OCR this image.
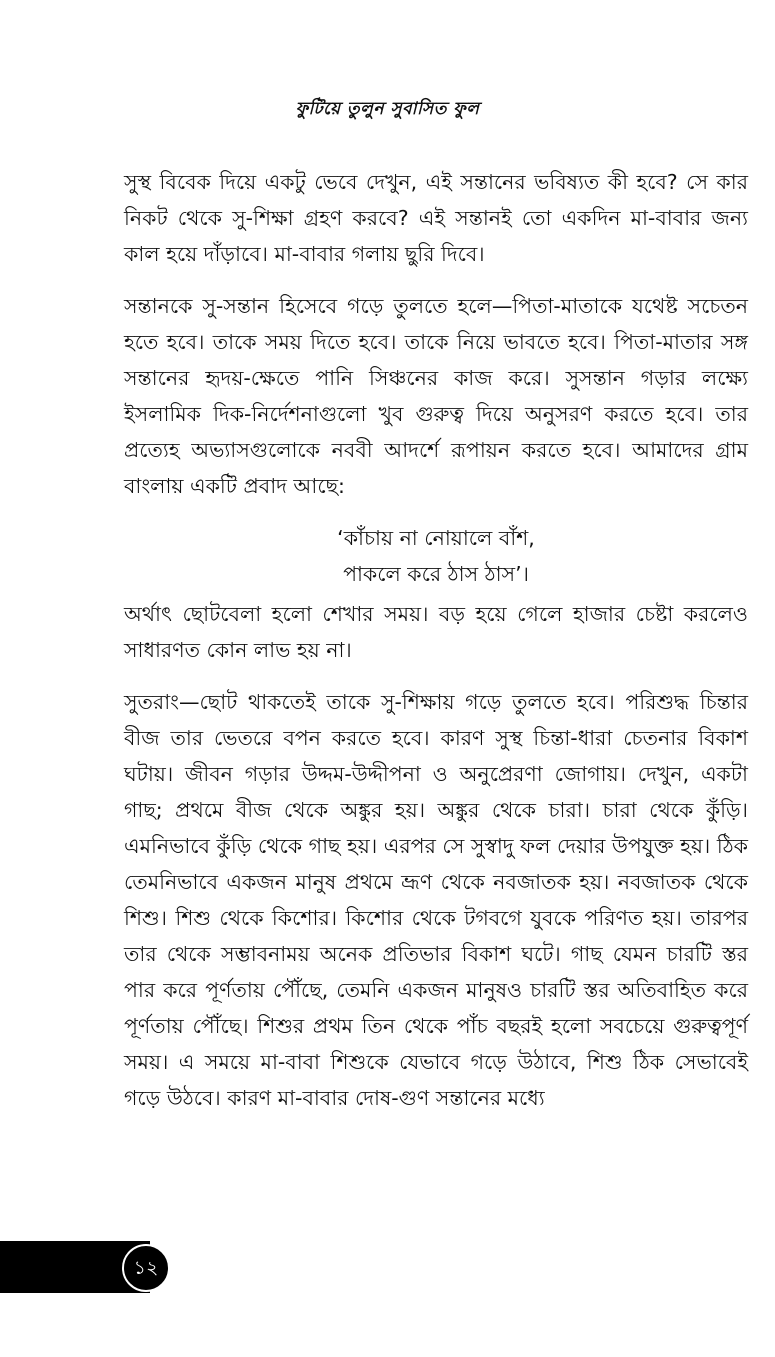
ফুটিয়ে তুলুন সুবাসিত ফুল

সুস্থ বিবেক দিয়ে একটু ভেবে দেখুন, এই সন্তানের ভবিষ্যত কী হবে? সে কার নিকট থেকে সু-শিক্ষা গ্রহণ করবে? এই সন্তানই তো একদিন মা-বাবার জন্য কাল হয়ে দাঁড়াবে। মা-বাবার গলায় ছুরি দিবে।

সন্তানকে সু-সন্তান হিসেবে গড়ে তুলতে হলে—পিতা-মাতাকে যথেষ্ট সচেতন হতে হবে। তাকে সময় দিতে হবে। তাকে নিয়ে ভাবতে হবে। পিতা-মাতার সঙ্গ সন্তানের হৃদয়-ক্ষেতে পানি সিঞ্চনের কাজ করে। সুসন্তান গড়ার লক্ষ্যে ইসলামিক দিক-নির্দেশনাগুলো খুব গুরুত্ব দিয়ে অনুসরণ করতে হবে। তার প্রত্যেহ অভ্যাসগুলোকে নববী আদর্শে রূপায়ন করতে হবে। আমাদের গ্রাম বাংলায় একটি প্রবাদ আছে:

‘কাঁচায় না নোয়ালে বাঁশ,
পাকলে করে ঠাস ঠাস’।

অর্থাৎ ছোটবেলা হলো শেখার সময়। বড় হয়ে গেলে হাজার চেষ্টা করলেও সাধারণত কোন লাভ হয় না।

সুতরাং—ছোট থাকতেই তাকে সু-শিক্ষায় গড়ে তুলতে হবে। পরিশুদ্ধ চিন্তার বীজ তার ভেতরে বপন করতে হবে। কারণ সুস্থ চিন্তা-ধারা চেতনার বিকাশ ঘটায়। জীবন গড়ার উদ্দম-উদ্দীপনা ও অনুপ্রেরণা জোগায়। দেখুন, একটা গাছ; প্রথমে বীজ থেকে অঙ্কুর হয়। অঙ্কুর থেকে চারা। চারা থেকে কুঁড়ি। এমনিভাবে কুঁড়ি থেকে গাছ হয়। এরপর সে সুস্বাদু ফল দেয়ার উপযুক্ত হয়। ঠিক তেমনিভাবে একজন মানুষ প্রথমে ভ্রূণ থেকে নবজাতক হয়। নবজাতক থেকে শিশু। শিশু থেকে কিশোর। কিশোর থেকে টগবগে যুবকে পরিণত হয়। তারপর তার থেকে সম্ভাবনাময় অনেক প্রতিভার বিকাশ ঘটে। গাছ যেমন চারটি স্তর পার করে পূর্ণতায় পৌঁছে, তেমনি একজন মানুষও চারটি স্তর অতিবাহিত করে পূর্ণতায় পৌঁছে। শিশুর প্রথম তিন থেকে পাঁচ বছরই হলো সবচেয়ে গুরুত্বপূর্ণ সময়। এ সময়ে মা-বাবা শিশুকে যেভাবে গড়ে উঠাবে, শিশু ঠিক সেভাবেই গড়ে উঠবে। কারণ মা-বাবার দোষ-গুণ সন্তানের মধ্যে

১২
